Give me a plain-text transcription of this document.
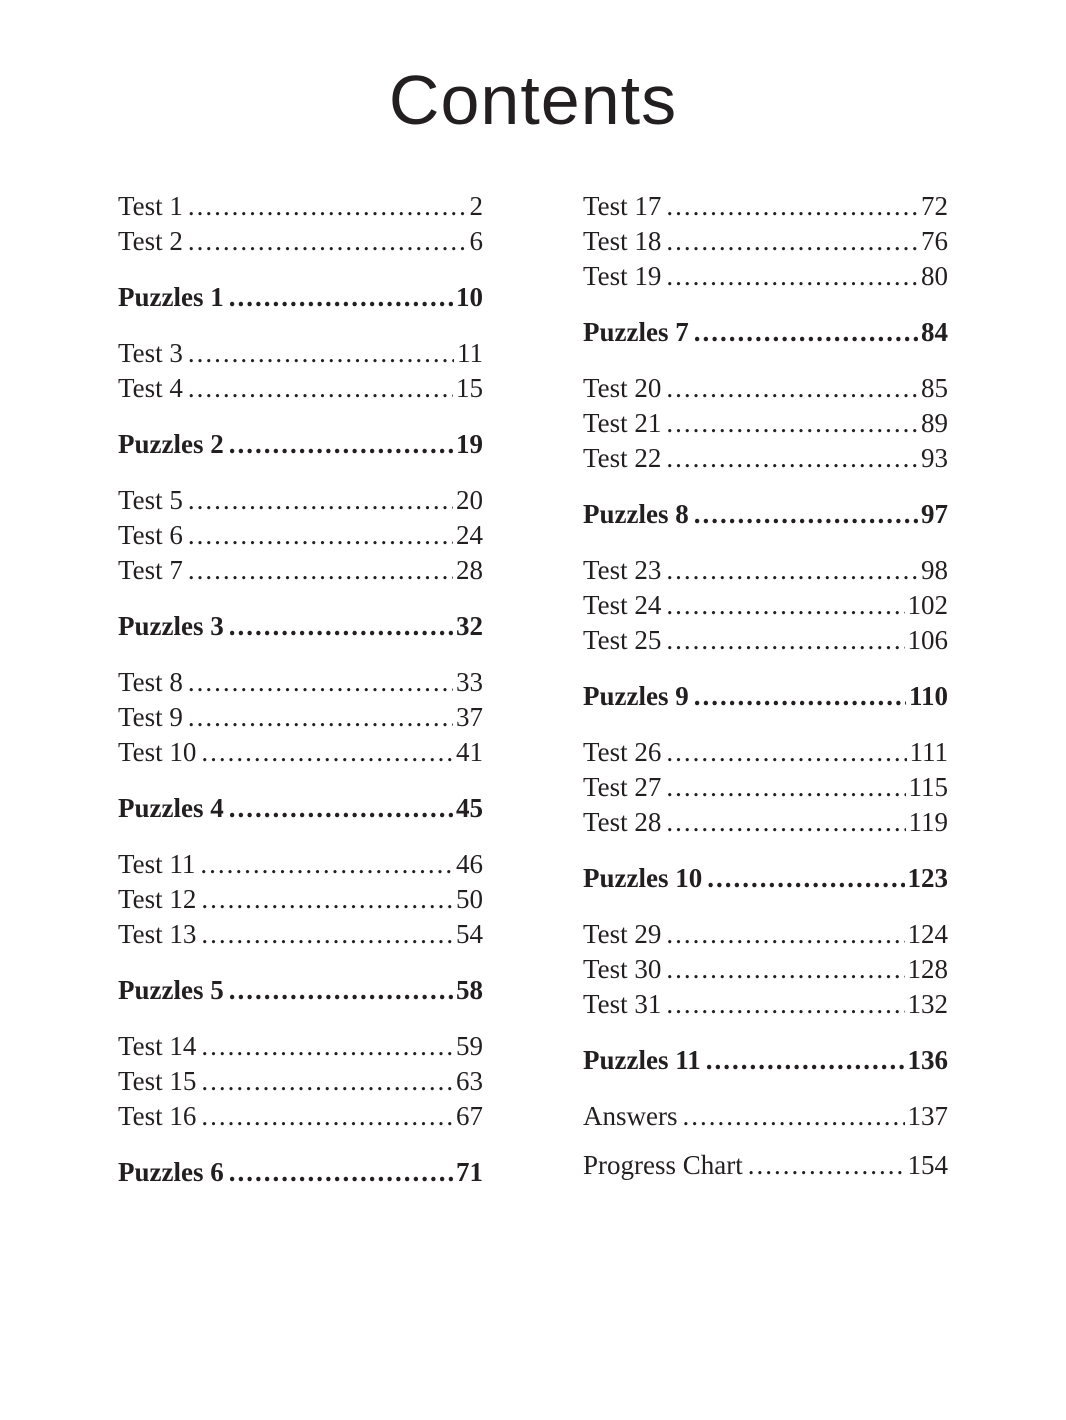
Contents
Test 1 .....	2
Test 2 .....	6
Puzzles 1 .....	10
Test 3 .....	11
Test 4 .....	15
Puzzles 2 .....	19
Test 5 .....	20
Test 6 .....	24
Test 7 .....	28
Puzzles 3 .....	32
Test 8 .....	33
Test 9 .....	37
Test 10 .....	41
Puzzles 4 .....	45
Test 11 .....	46
Test 12 .....	50
Test 13 .....	54
Puzzles 5 .....	58
Test 14 .....	59
Test 15 .....	63
Test 16 .....	67
Puzzles 6 .....	71
Test 17 .....	72
Test 18 .....	76
Test 19 .....	80
Puzzles 7 .....	84
Test 20 .....	85
Test 21 .....	89
Test 22 .....	93
Puzzles 8 .....	97
Test 23 .....	98
Test 24 .....	102
Test 25 .....	106
Puzzles 9 .....	110
Test 26 .....	111
Test 27 .....	115
Test 28 .....	119
Puzzles 10 .....	123
Test 29 .....	124
Test 30 .....	128
Test 31 .....	132
Puzzles 11 .....	136
Answers .....	137
Progress Chart .....	154
